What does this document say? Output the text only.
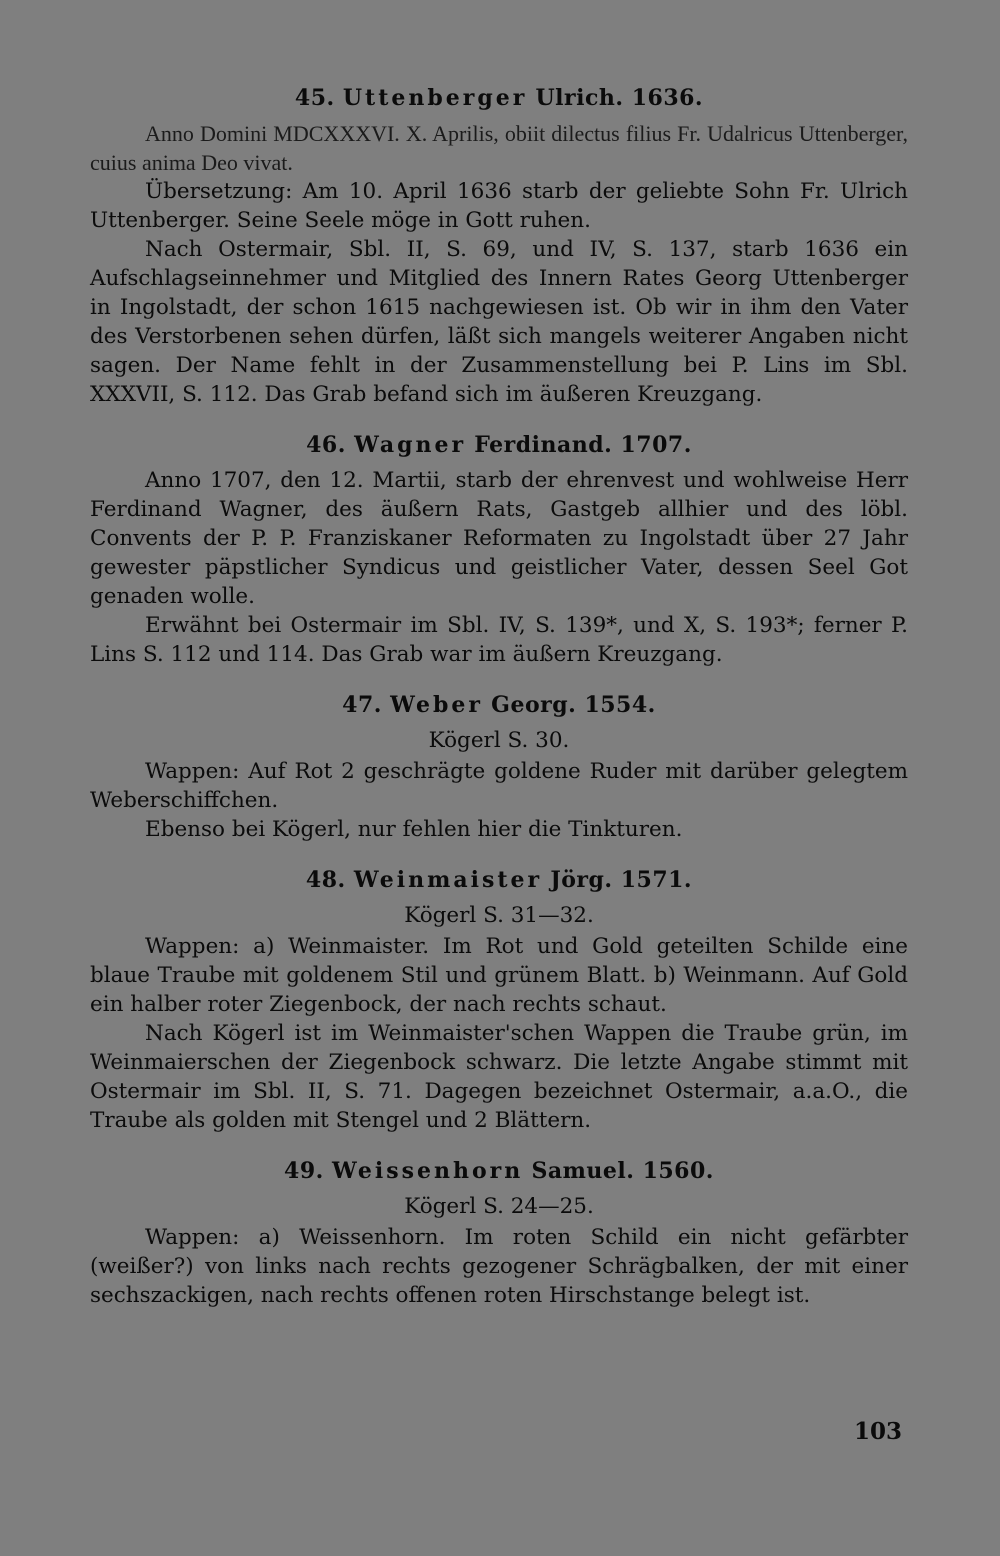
45. Uttenberger Ulrich. 1636.

Anno Domini MDCXXXVI. X. Aprilis, obiit dilectus filius Fr. Udalricus Uttenberger, cuius anima Deo vivat.

Übersetzung: Am 10. April 1636 starb der geliebte Sohn Fr. Ulrich Uttenberger. Seine Seele möge in Gott ruhen.

Nach Ostermair, Sbl. II, S. 69, und IV, S. 137, starb 1636 ein Aufschlagseinnehmer und Mitglied des Innern Rates Georg Uttenberger in Ingolstadt, der schon 1615 nachgewiesen ist. Ob wir in ihm den Vater des Verstorbenen sehen dürfen, läßt sich mangels weiterer Angaben nicht sagen. Der Name fehlt in der Zusammenstellung bei P. Lins im Sbl. XXXVII, S. 112. Das Grab befand sich im äußeren Kreuzgang.

46. Wagner Ferdinand. 1707.

Anno 1707, den 12. Martii, starb der ehrenvest und wohlweise Herr Ferdinand Wagner, des äußern Rats, Gastgeb allhier und des löbl. Convents der P. P. Franziskaner Reformaten zu Ingolstadt über 27 Jahr gewester päpstlicher Syndicus und geistlicher Vater, dessen Seel Got genaden wolle.

Erwähnt bei Ostermair im Sbl. IV, S. 139*, und X, S. 193*; ferner P. Lins S. 112 und 114. Das Grab war im äußern Kreuzgang.

47. Weber Georg. 1554.
Kögerl S. 30.

Wappen: Auf Rot 2 geschrägte goldene Ruder mit darüber gelegtem Weberschiffchen.

Ebenso bei Kögerl, nur fehlen hier die Tinkturen.

48. Weinmaister Jörg. 1571.
Kögerl S. 31—32.

Wappen: a) Weinmaister. Im Rot und Gold geteilten Schilde eine blaue Traube mit goldenem Stil und grünem Blatt. b) Weinmann. Auf Gold ein halber roter Ziegenbock, der nach rechts schaut.

Nach Kögerl ist im Weinmaister'schen Wappen die Traube grün, im Weinmaierschen der Ziegenbock schwarz. Die letzte Angabe stimmt mit Ostermair im Sbl. II, S. 71. Dagegen bezeichnet Ostermair, a.a.O., die Traube als golden mit Stengel und 2 Blättern.

49. Weissenhorn Samuel. 1560.
Kögerl S. 24—25.

Wappen: a) Weissenhorn. Im roten Schild ein nicht gefärbter (weißer?) von links nach rechts gezogener Schrägbalken, der mit einer sechszackigen, nach rechts offenen roten Hirschstange belegt ist.

103
